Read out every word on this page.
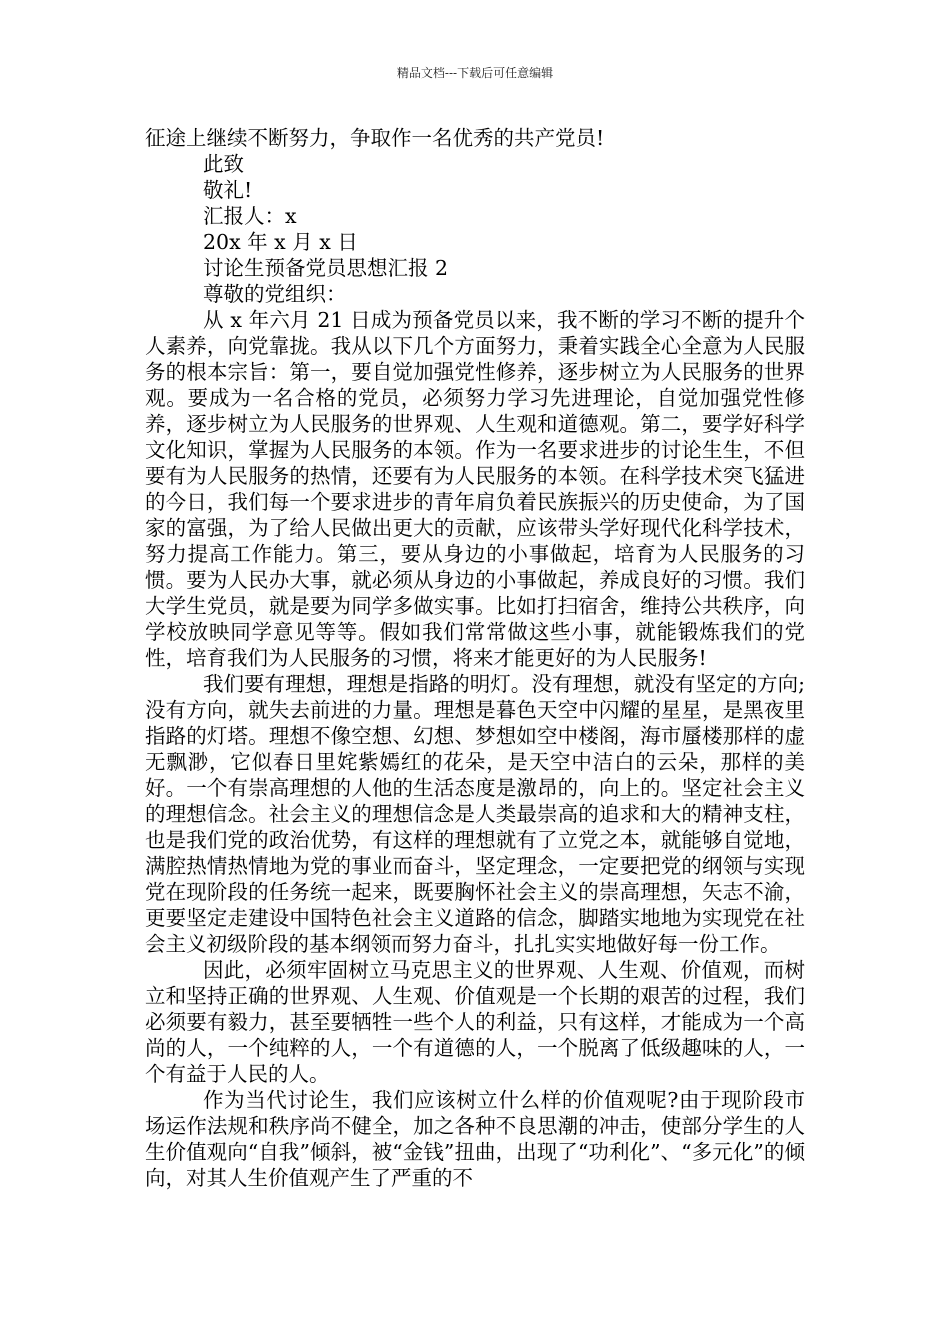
精品文档---下载后可任意编辑

征途上继续不断努力，争取作一名优秀的共产党员!

此致

敬礼!

汇报人：x

20x 年 x 月 x 日

讨论生预备党员思想汇报 2

尊敬的党组织：

从 x 年六月 21 日成为预备党员以来，我不断的学习不断的提升个人素养，向党靠拢。我从以下几个方面努力，秉着实践全心全意为人民服务的根本宗旨：第一，要自觉加强党性修养，逐步树立为人民服务的世界观。要成为一名合格的党员，必须努力学习先进理论，自觉加强党性修养，逐步树立为人民服务的世界观、人生观和道德观。第二，要学好科学文化知识，掌握为人民服务的本领。作为一名要求进步的讨论生生，不但要有为人民服务的热情，还要有为人民服务的本领。在科学技术突飞猛进的今日，我们每一个要求进步的青年肩负着民族振兴的历史使命，为了国家的富强，为了给人民做出更大的贡献，应该带头学好现代化科学技术，努力提高工作能力。第三，要从身边的小事做起，培育为人民服务的习惯。要为人民办大事，就必须从身边的小事做起，养成良好的习惯。我们大学生党员，就是要为同学多做实事。比如打扫宿舍，维持公共秩序，向学校放映同学意见等等。假如我们常常做这些小事，就能锻炼我们的党性，培育我们为人民服务的习惯，将来才能更好的为人民服务!

我们要有理想，理想是指路的明灯。没有理想，就没有坚定的方向;没有方向，就失去前进的力量。理想是暮色天空中闪耀的星星，是黑夜里指路的灯塔。理想不像空想、幻想、梦想如空中楼阁，海市蜃楼那样的虚无飘渺，它似春日里姹紫嫣红的花朵，是天空中洁白的云朵，那样的美好。一个有崇高理想的人他的生活态度是激昂的，向上的。坚定社会主义的理想信念。社会主义的理想信念是人类最崇高的追求和大的精神支柱，也是我们党的政治优势，有这样的理想就有了立党之本，就能够自觉地，满腔热情热情地为党的事业而奋斗，坚定理念，一定要把党的纲领与实现党在现阶段的任务统一起来，既要胸怀社会主义的崇高理想，矢志不渝，更要坚定走建设中国特色社会主义道路的信念，脚踏实地地为实现党在社会主义初级阶段的基本纲领而努力奋斗，扎扎实实地做好每一份工作。

因此，必须牢固树立马克思主义的世界观、人生观、价值观，而树立和坚持正确的世界观、人生观、价值观是一个长期的艰苦的过程，我们必须要有毅力，甚至要牺牲一些个人的利益，只有这样，才能成为一个高尚的人，一个纯粹的人，一个有道德的人，一个脱离了低级趣味的人，一个有益于人民的人。

作为当代讨论生，我们应该树立什么样的价值观呢?由于现阶段市场运作法规和秩序尚不健全，加之各种不良思潮的冲击，使部分学生的人生价值观向“自我”倾斜，被“金钱”扭曲，出现了“功利化”、“多元化”的倾向，对其人生价值观产生了严重的不
